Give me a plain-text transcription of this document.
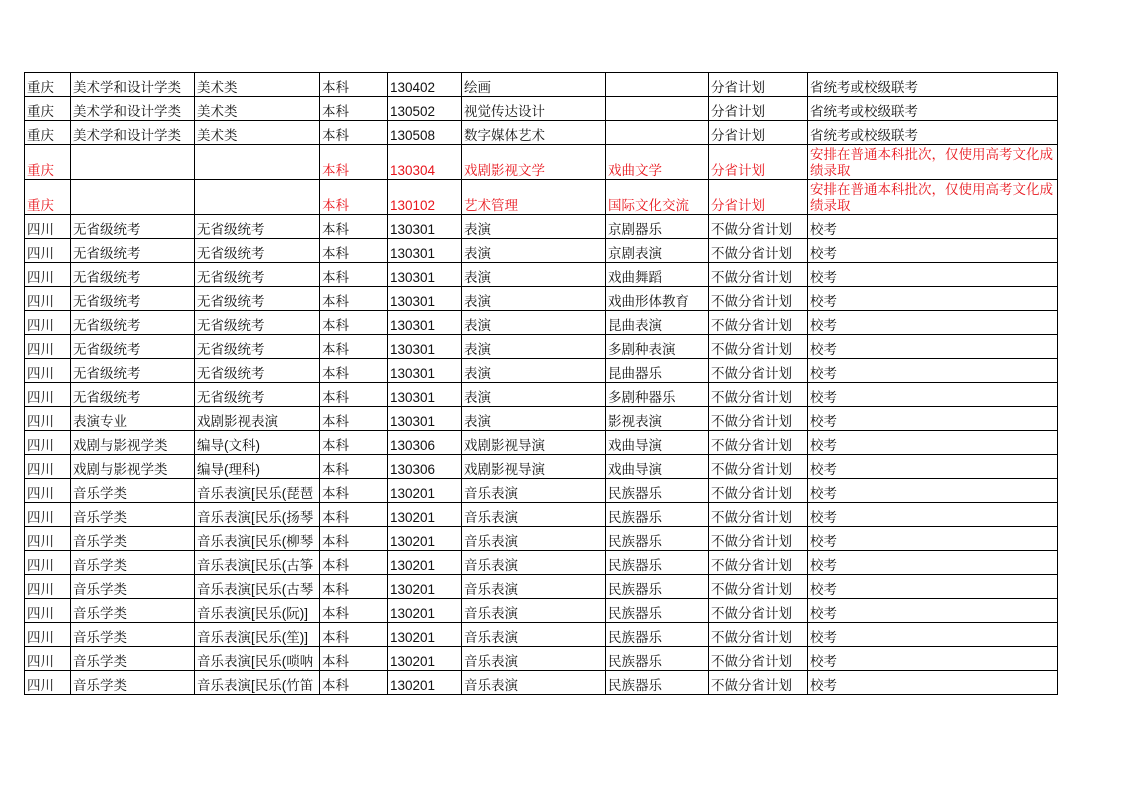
重庆	美术学和设计学类	美术类	本科	130402	绘画		分省计划	省统考或校级联考
重庆	美术学和设计学类	美术类	本科	130502	视觉传达设计		分省计划	省统考或校级联考
重庆	美术学和设计学类	美术类	本科	130508	数字媒体艺术		分省计划	省统考或校级联考
重庆			本科	130304	戏剧影视文学	戏曲文学	分省计划	安排在普通本科批次，仅使用高考文化成绩录取
重庆			本科	130102	艺术管理	国际文化交流	分省计划	安排在普通本科批次，仅使用高考文化成绩录取
四川	无省级统考	无省级统考	本科	130301	表演	京剧器乐	不做分省计划	校考
四川	无省级统考	无省级统考	本科	130301	表演	京剧表演	不做分省计划	校考
四川	无省级统考	无省级统考	本科	130301	表演	戏曲舞蹈	不做分省计划	校考
四川	无省级统考	无省级统考	本科	130301	表演	戏曲形体教育	不做分省计划	校考
四川	无省级统考	无省级统考	本科	130301	表演	昆曲表演	不做分省计划	校考
四川	无省级统考	无省级统考	本科	130301	表演	多剧种表演	不做分省计划	校考
四川	无省级统考	无省级统考	本科	130301	表演	昆曲器乐	不做分省计划	校考
四川	无省级统考	无省级统考	本科	130301	表演	多剧种器乐	不做分省计划	校考
四川	表演专业	戏剧影视表演	本科	130301	表演	影视表演	不做分省计划	校考
四川	戏剧与影视学类	编导(文科)	本科	130306	戏剧影视导演	戏曲导演	不做分省计划	校考
四川	戏剧与影视学类	编导(理科)	本科	130306	戏剧影视导演	戏曲导演	不做分省计划	校考
四川	音乐学类	音乐表演[民乐(琵琶	本科	130201	音乐表演	民族器乐	不做分省计划	校考
四川	音乐学类	音乐表演[民乐(扬琴	本科	130201	音乐表演	民族器乐	不做分省计划	校考
四川	音乐学类	音乐表演[民乐(柳琴	本科	130201	音乐表演	民族器乐	不做分省计划	校考
四川	音乐学类	音乐表演[民乐(古筝	本科	130201	音乐表演	民族器乐	不做分省计划	校考
四川	音乐学类	音乐表演[民乐(古琴	本科	130201	音乐表演	民族器乐	不做分省计划	校考
四川	音乐学类	音乐表演[民乐(阮)]	本科	130201	音乐表演	民族器乐	不做分省计划	校考
四川	音乐学类	音乐表演[民乐(笙)]	本科	130201	音乐表演	民族器乐	不做分省计划	校考
四川	音乐学类	音乐表演[民乐(唢呐	本科	130201	音乐表演	民族器乐	不做分省计划	校考
四川	音乐学类	音乐表演[民乐(竹笛	本科	130201	音乐表演	民族器乐	不做分省计划	校考
